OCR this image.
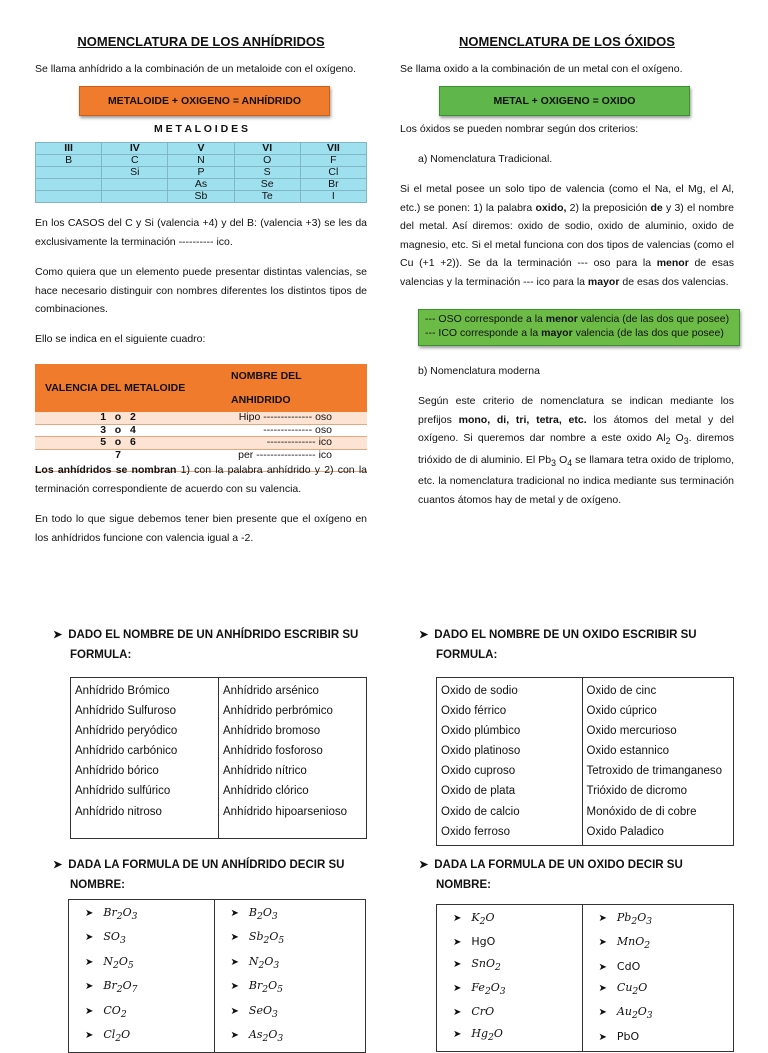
NOMENCLATURA DE LOS ANHÍDRIDOS
Se llama anhídrido a la combinación de un metaloide con el oxígeno.
METALOIDE + OXIGENO = ANHÍDRIDO
M E T A L O I D E S
III	IV	V	VI	VII
B	C	N	O	F
	Si	P	S	Cl
		As	Se	Br
		Sb	Te	I
En los CASOS del C y Si (valencia +4) y del B: (valencia +3) se les da exclusivamente la terminación ---------- ico.
Como quiera que un elemento puede presentar distintas valencias, se hace necesario distinguir con nombres diferentes los distintos tipos de combinaciones.
Ello se indica en el siguiente cuadro:
VALENCIA DEL METALOIDE	NOMBRE DEL ANHIDRIDO
1   o   2	Hipo -------------- oso
3   o   4	-------------- oso
5   o   6	-------------- ico
7	per ----------------- ico
Los anhídridos se nombran 1) con la palabra anhídrido y 2) con la terminación correspondiente de acuerdo con su valencia.
En todo lo que sigue debemos tener bien presente que el oxígeno en los anhídridos funcione con valencia igual a -2.
NOMENCLATURA DE LOS ÓXIDOS
Se llama oxido a la combinación de un metal con el oxígeno.
METAL + OXIGENO = OXIDO
Los óxidos se pueden nombrar según dos criterios:
a) Nomenclatura Tradicional.
Si el metal posee un solo tipo de valencia (como el Na, el Mg, el Al, etc.) se ponen: 1) la palabra oxido, 2) la preposición de y 3) el nombre del metal. Así diremos: oxido de sodio, oxido de aluminio, oxido de magnesio, etc. Si el metal funciona con dos tipos de valencias (como el Cu (+1 +2)). Se da la terminación --- oso para la menor de esas valencias y la terminación --- ico para la mayor de esas dos valencias.
--- OSO corresponde a la menor valencia (de las dos que posee)
--- ICO corresponde a la mayor valencia (de las dos que posee)
b) Nomenclatura moderna
Según este criterio de nomenclatura se indican mediante los prefijos mono, di, tri, tetra, etc. los átomos del metal y del oxígeno. Si queremos dar nombre a este oxido $Al_2$ $O_3$. diremos trióxido de di aluminio. El $Pb_3$ $O_4$ se llamara tetra oxido de triplomo, etc. la nomenclatura tradicional no indica mediante sus terminación cuantos átomos hay de metal y de oxígeno.
➤ DADO EL NOMBRE DE UN ANHÍDRIDO ESCRIBIR SU
FORMULA:
Anhídrido Brómico
Anhídrido Sulfuroso
Anhídrido peryódico
Anhídrido carbónico
Anhídrido bórico
Anhídrido sulfúrico
Anhídrido nitroso

Anhídrido arsénico
Anhídrido perbrómico
Anhídrido bromoso
Anhídrido fosforoso
Anhídrido nítrico
Anhídrido clórico
Anhídrido hipoarsenioso
➤ DADO EL NOMBRE DE UN OXIDO ESCRIBIR SU
FORMULA:
Oxido de sodio
Oxido férrico
Oxido plúmbico
Oxido platinoso
Oxido cuproso
Oxido de plata
Oxido de calcio
Oxido ferroso

Oxido de cinc
Oxido cúprico
Oxido mercurioso
Oxido estannico
Tetroxido de trimanganeso
Trióxido de dicromo
Monóxido de di cobre
Oxido Paladico
➤ DADA LA FORMULA DE UN ANHÍDRIDO DECIR SU
NOMBRE:
➤ $Br_2O_3$
➤ $SO_3$
➤ $N_2O_5$
➤ $Br_2O_7$
➤ $CO_2$
➤ $Cl_2O$

➤ $B_2O_3$
➤ $Sb_2O_5$
➤ $N_2O_3$
➤ $Br_2O_5$
➤ SeO$_3$
➤ $As_2O_3$
➤ DADA LA FORMULA DE UN OXIDO DECIR SU
NOMBRE:
➤ $K_2O$
➤ HgO
➤ SnO$_2$
➤ $Fe_2O_3$
➤ CrO
➤ $Hg_2O$

➤ $Pb_2O_3$
➤ MnO$_2$
➤ CdO
➤ $Cu_2O$
➤ $Au_2O_3$
➤ PbO
